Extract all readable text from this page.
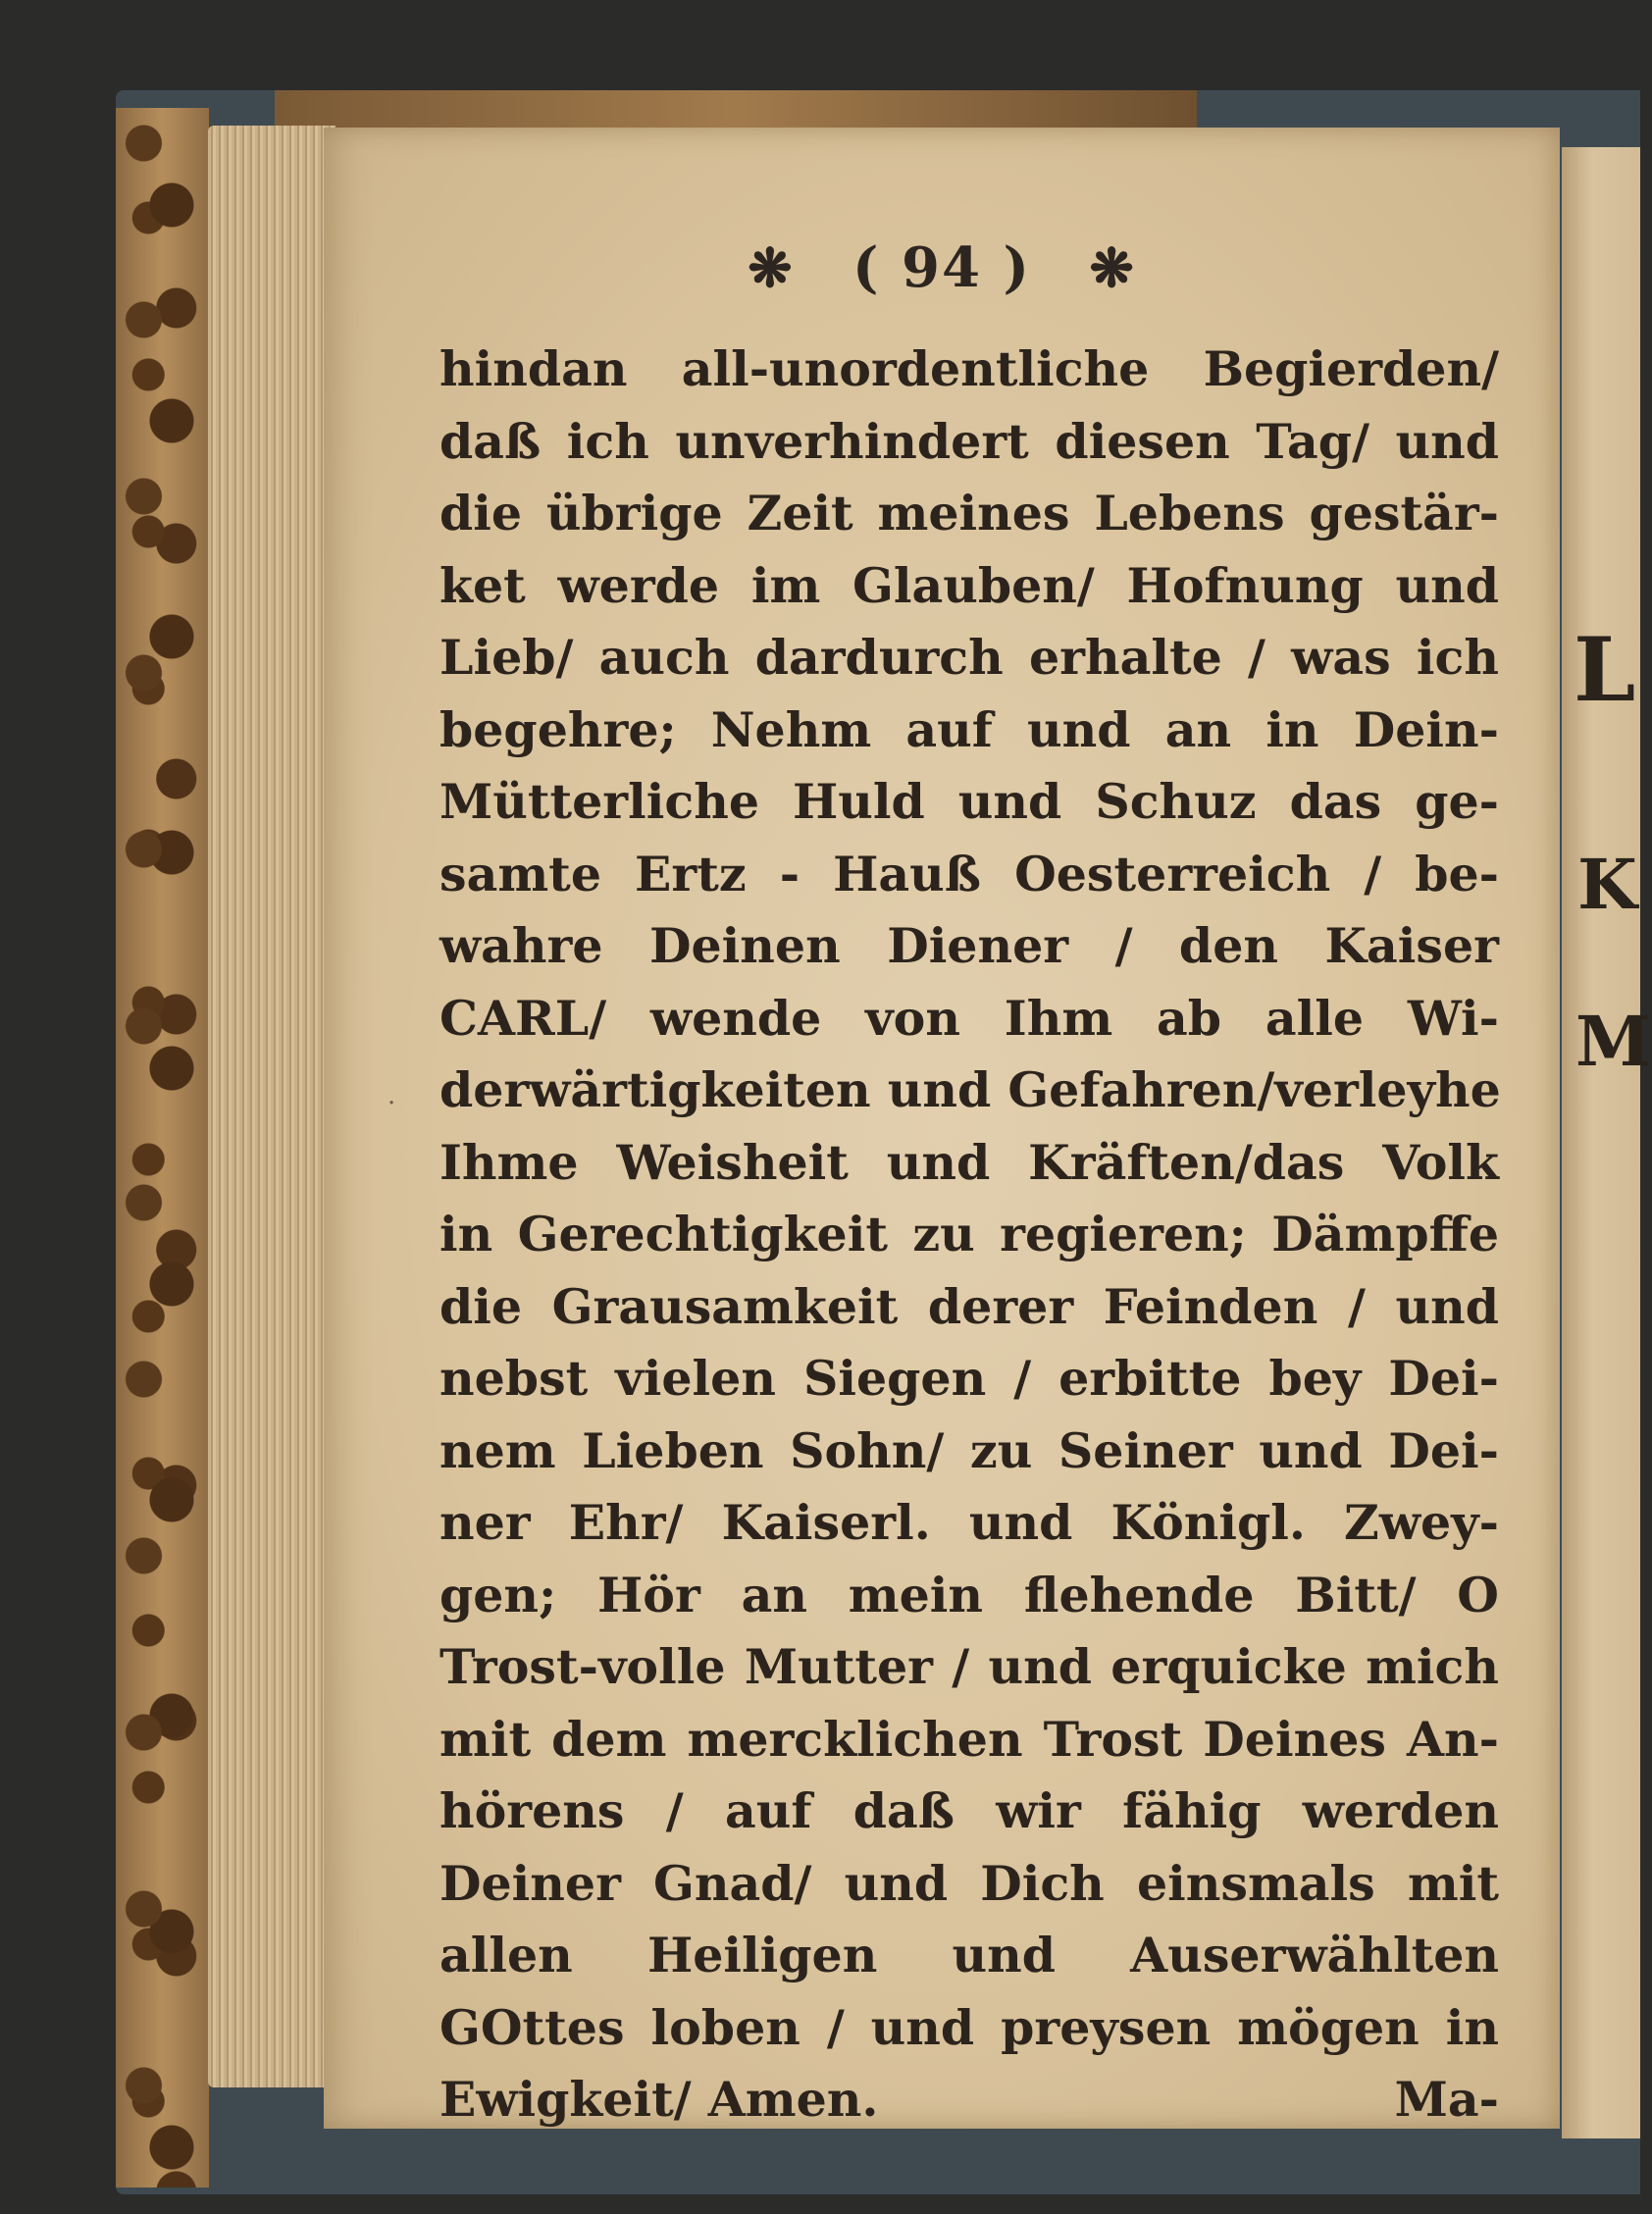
L
K
M
❋ ( 94 ) ❋
hindan all-unordentliche Begierden/
daß ich unverhindert diesen Tag/ und
die übrige Zeit meines Lebens gestär-
ket werde im Glauben/ Hofnung und
Lieb/ auch dardurch erhalte / was ich
begehre; Nehm auf und an in Dein-
Mütterliche Huld und Schuz das ge-
samte Ertz - Hauß Oesterreich / be-
wahre Deinen Diener / den Kaiser
CARL/ wende von Ihm ab alle Wi-
derwärtigkeiten und Gefahren/verleyhe
Ihme Weisheit und Kräften/das Volk
in Gerechtigkeit zu regieren; Dämpffe
die Grausamkeit derer Feinden / und
nebst vielen Siegen / erbitte bey Dei-
nem Lieben Sohn/ zu Seiner und Dei-
ner Ehr/ Kaiserl. und Königl. Zwey-
gen; Hör an mein flehende Bitt/ O
Trost-volle Mutter / und erquicke mich
mit dem mercklichen Trost Deines An-
hörens / auf daß wir fähig werden
Deiner Gnad/ und Dich einsmals mit
allen Heiligen und Auserwählten
GOttes loben / und preysen mögen in
Ewigkeit/ Amen.	Ma-
·
